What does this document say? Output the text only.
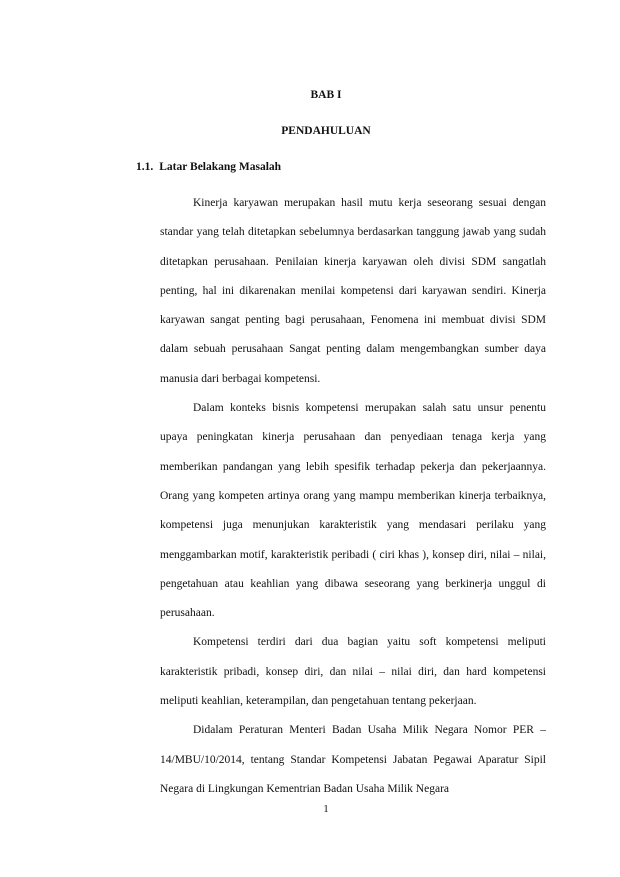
BAB I
PENDAHULUAN
1.1. Latar Belakang Masalah

Kinerja karyawan merupakan hasil mutu kerja seseorang sesuai dengan standar yang telah ditetapkan sebelumnya berdasarkan tanggung jawab yang sudah ditetapkan perusahaan. Penilaian kinerja karyawan oleh divisi SDM sangatlah penting, hal ini dikarenakan menilai kompetensi dari karyawan sendiri. Kinerja karyawan sangat penting bagi perusahaan, Fenomena ini membuat divisi SDM dalam sebuah perusahaan Sangat penting dalam mengembangkan sumber daya manusia dari berbagai kompetensi.

Dalam konteks bisnis kompetensi merupakan salah satu unsur penentu upaya peningkatan kinerja perusahaan dan penyediaan tenaga kerja yang memberikan pandangan yang lebih spesifik terhadap pekerja dan pekerjaannya. Orang yang kompeten artinya orang yang mampu memberikan kinerja terbaiknya, kompetensi juga menunjukan karakteristik yang mendasari perilaku yang menggambarkan motif, karakteristik peribadi ( ciri khas ), konsep diri, nilai – nilai, pengetahuan atau keahlian yang dibawa seseorang yang berkinerja unggul di perusahaan.

Kompetensi terdiri dari dua bagian yaitu soft kompetensi meliputi karakteristik pribadi, konsep diri, dan nilai – nilai diri, dan hard kompetensi meliputi keahlian, keterampilan, dan pengetahuan tentang pekerjaan.

Didalam Peraturan Menteri Badan Usaha Milik Negara Nomor PER – 14/MBU/10/2014, tentang Standar Kompetensi Jabatan Pegawai Aparatur Sipil Negara di Lingkungan Kementrian Badan Usaha Milik Negara

1
